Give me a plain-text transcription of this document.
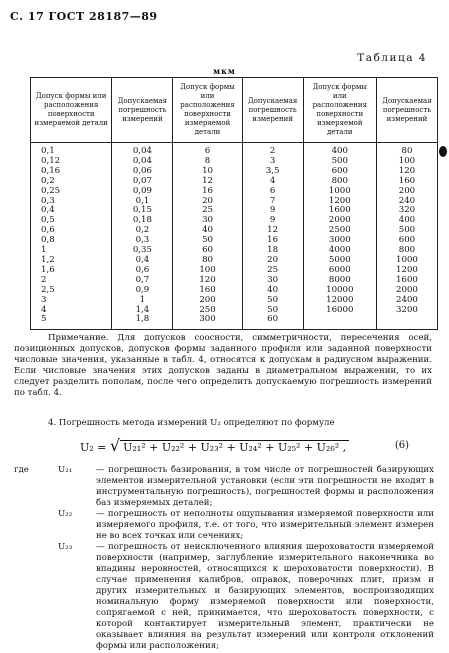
С. 17 ГОСТ 28187—89
Таблица 4
мкм
Допуск формы или расположения поверхности измеряемой детали	Допускаемая погрешность измерений	Допуск формы или расположения поверхности измеряемой детали	Допускаемая погрешность измерений	Допуск формы или расположения поверхности измеряемой детали	Допускаемая погрешность измерений
0,1	0,04	6	2	400	80
0,12	0,04	8	3	500	100
0,16	0,06	10	3,5	600	120
0,2	0,07	12	4	800	160
0,25	0,09	16	6	1000	200
0,3	0,1	20	7	1200	240
0,4	0,15	25	9	1600	320
0,5	0,18	30	9	2000	400
0,6	0,2	40	12	2500	500
0,8	0,3	50	16	3000	600
1	0,35	60	18	4000	800
1,2	0,4	80	20	5000	1000
1,6	0,6	100	25	6000	1200
2	0,7	120	30	8000	1600
2,5	0,9	160	40	10000	2000
3	1	200	50	12000	2400
4	1,4	250	50	16000	3200
5	1,8	300	60		

Примечание. Для допусков соосности, симметричности, пересечения осей, позиционных допусков, допусков формы заданного профиля или заданной поверхности числовые значения, указанные в табл. 4, относятся к допускам в радиусном выражении. Если числовые значения этих допусков заданы в диаметральном выражении, то их следует разделить пополам, после чего определить допускаемую погрешность измерений по табл. 4.

4. Погрешность метода измерений U₂ определяют по формуле

U₂ = √ U₂₁² + U₂₂² + U₂₃² + U₂₄² + U₂₅² + U₂₆² ,	(6)
где	U₂₁	— погрешность базирования, в том числе от погрешностей базирующих элементов измерительной установки (если эти погрешности не входят в инструментальную погрешность), погрешностей формы и расположения баз измеряемых деталей;
U₂₂	— погрешность от неполноты ощупывания измеряемой поверхности или измеряемого профиля, т.е. от того, что измерительный элемент измерен не во всех точках или сечениях;
U₂₃	— погрешность от неисключенного влияния шероховатости измеряемой поверхности (например, заглубление измерительного наконечника во впадины неровностей, относящихся к шероховатости поверхности). В случае применения калибров, оправок, поверочных плит, призм и других измерительных и базирующих элементов, воспроизводящих номинальную форму измеряемой поверхности или поверхности, сопрягаемой с ней, принимается, что шероховатость поверхности, с которой контактирует измерительный элемент, практически не оказывает влияния на результат измерений или контроля отклонений формы или расположения;
